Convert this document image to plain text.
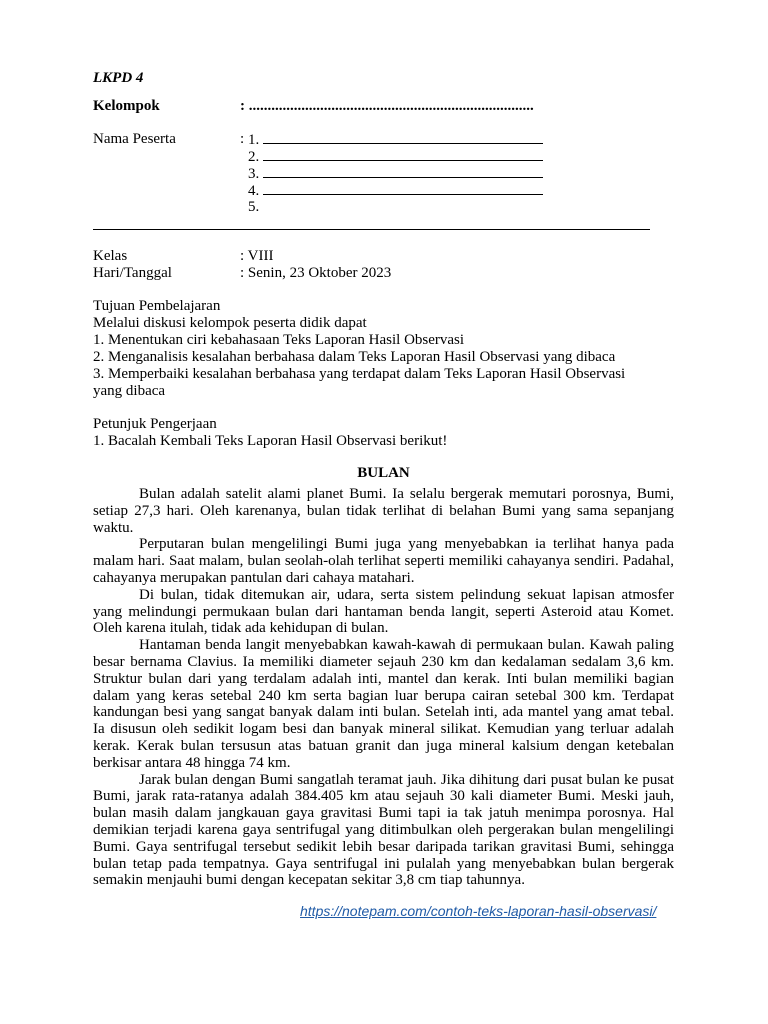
LKPD 4
Kelompok	: ............................................................................
Nama Peserta	: 1.
2.
3.
4.
5.
Kelas	: VIII
Hari/Tanggal	: Senin, 23 Oktober 2023
Tujuan Pembelajaran
Melalui diskusi kelompok peserta didik dapat
1. Menentukan ciri kebahasaan Teks Laporan Hasil Observasi
2. Menganalisis kesalahan berbahasa dalam Teks Laporan Hasil Observasi yang dibaca
3. Memperbaiki kesalahan berbahasa yang terdapat dalam Teks Laporan Hasil Observasi yang dibaca
Petunjuk Pengerjaan
1. Bacalah Kembali Teks Laporan Hasil Observasi berikut!
BULAN

Bulan adalah satelit alami planet Bumi. Ia selalu bergerak memutari porosnya, Bumi, setiap 27,3 hari. Oleh karenanya, bulan tidak terlihat di belahan Bumi yang sama sepanjang waktu.

Perputaran bulan mengelilingi Bumi juga yang menyebabkan ia terlihat hanya pada malam hari. Saat malam, bulan seolah-olah terlihat seperti memiliki cahayanya sendiri. Padahal, cahayanya merupakan pantulan dari cahaya matahari.

Di bulan, tidak ditemukan air, udara, serta sistem pelindung sekuat lapisan atmosfer yang melindungi permukaan bulan dari hantaman benda langit, seperti Asteroid atau Komet. Oleh karena itulah, tidak ada kehidupan di bulan.

Hantaman benda langit menyebabkan kawah-kawah di permukaan bulan. Kawah paling besar bernama Clavius. Ia memiliki diameter sejauh 230 km dan kedalaman sedalam 3,6 km. Struktur bulan dari yang terdalam adalah inti, mantel dan kerak. Inti bulan memiliki bagian dalam yang keras setebal 240 km serta bagian luar berupa cairan setebal 300 km. Terdapat kandungan besi yang sangat banyak dalam inti bulan. Setelah inti, ada mantel yang amat tebal. Ia disusun oleh sedikit logam besi dan banyak mineral silikat. Kemudian yang terluar adalah kerak. Kerak bulan tersusun atas batuan granit dan juga mineral kalsium dengan ketebalan berkisar antara 48 hingga 74 km.

Jarak bulan dengan Bumi sangatlah teramat jauh. Jika dihitung dari pusat bulan ke pusat Bumi, jarak rata-ratanya adalah 384.405 km atau sejauh 30 kali diameter Bumi. Meski jauh, bulan masih dalam jangkauan gaya gravitasi Bumi tapi ia tak jatuh menimpa porosnya. Hal demikian terjadi karena gaya sentrifugal yang ditimbulkan oleh pergerakan bulan mengelilingi Bumi. Gaya sentrifugal tersebut sedikit lebih besar daripada tarikan gravitasi Bumi, sehingga bulan tetap pada tempatnya. Gaya sentrifugal ini pulalah yang menyebabkan bulan bergerak semakin menjauhi bumi dengan kecepatan sekitar 3,8 cm tiap tahunnya.

https://notepam.com/contoh-teks-laporan-hasil-observasi/
